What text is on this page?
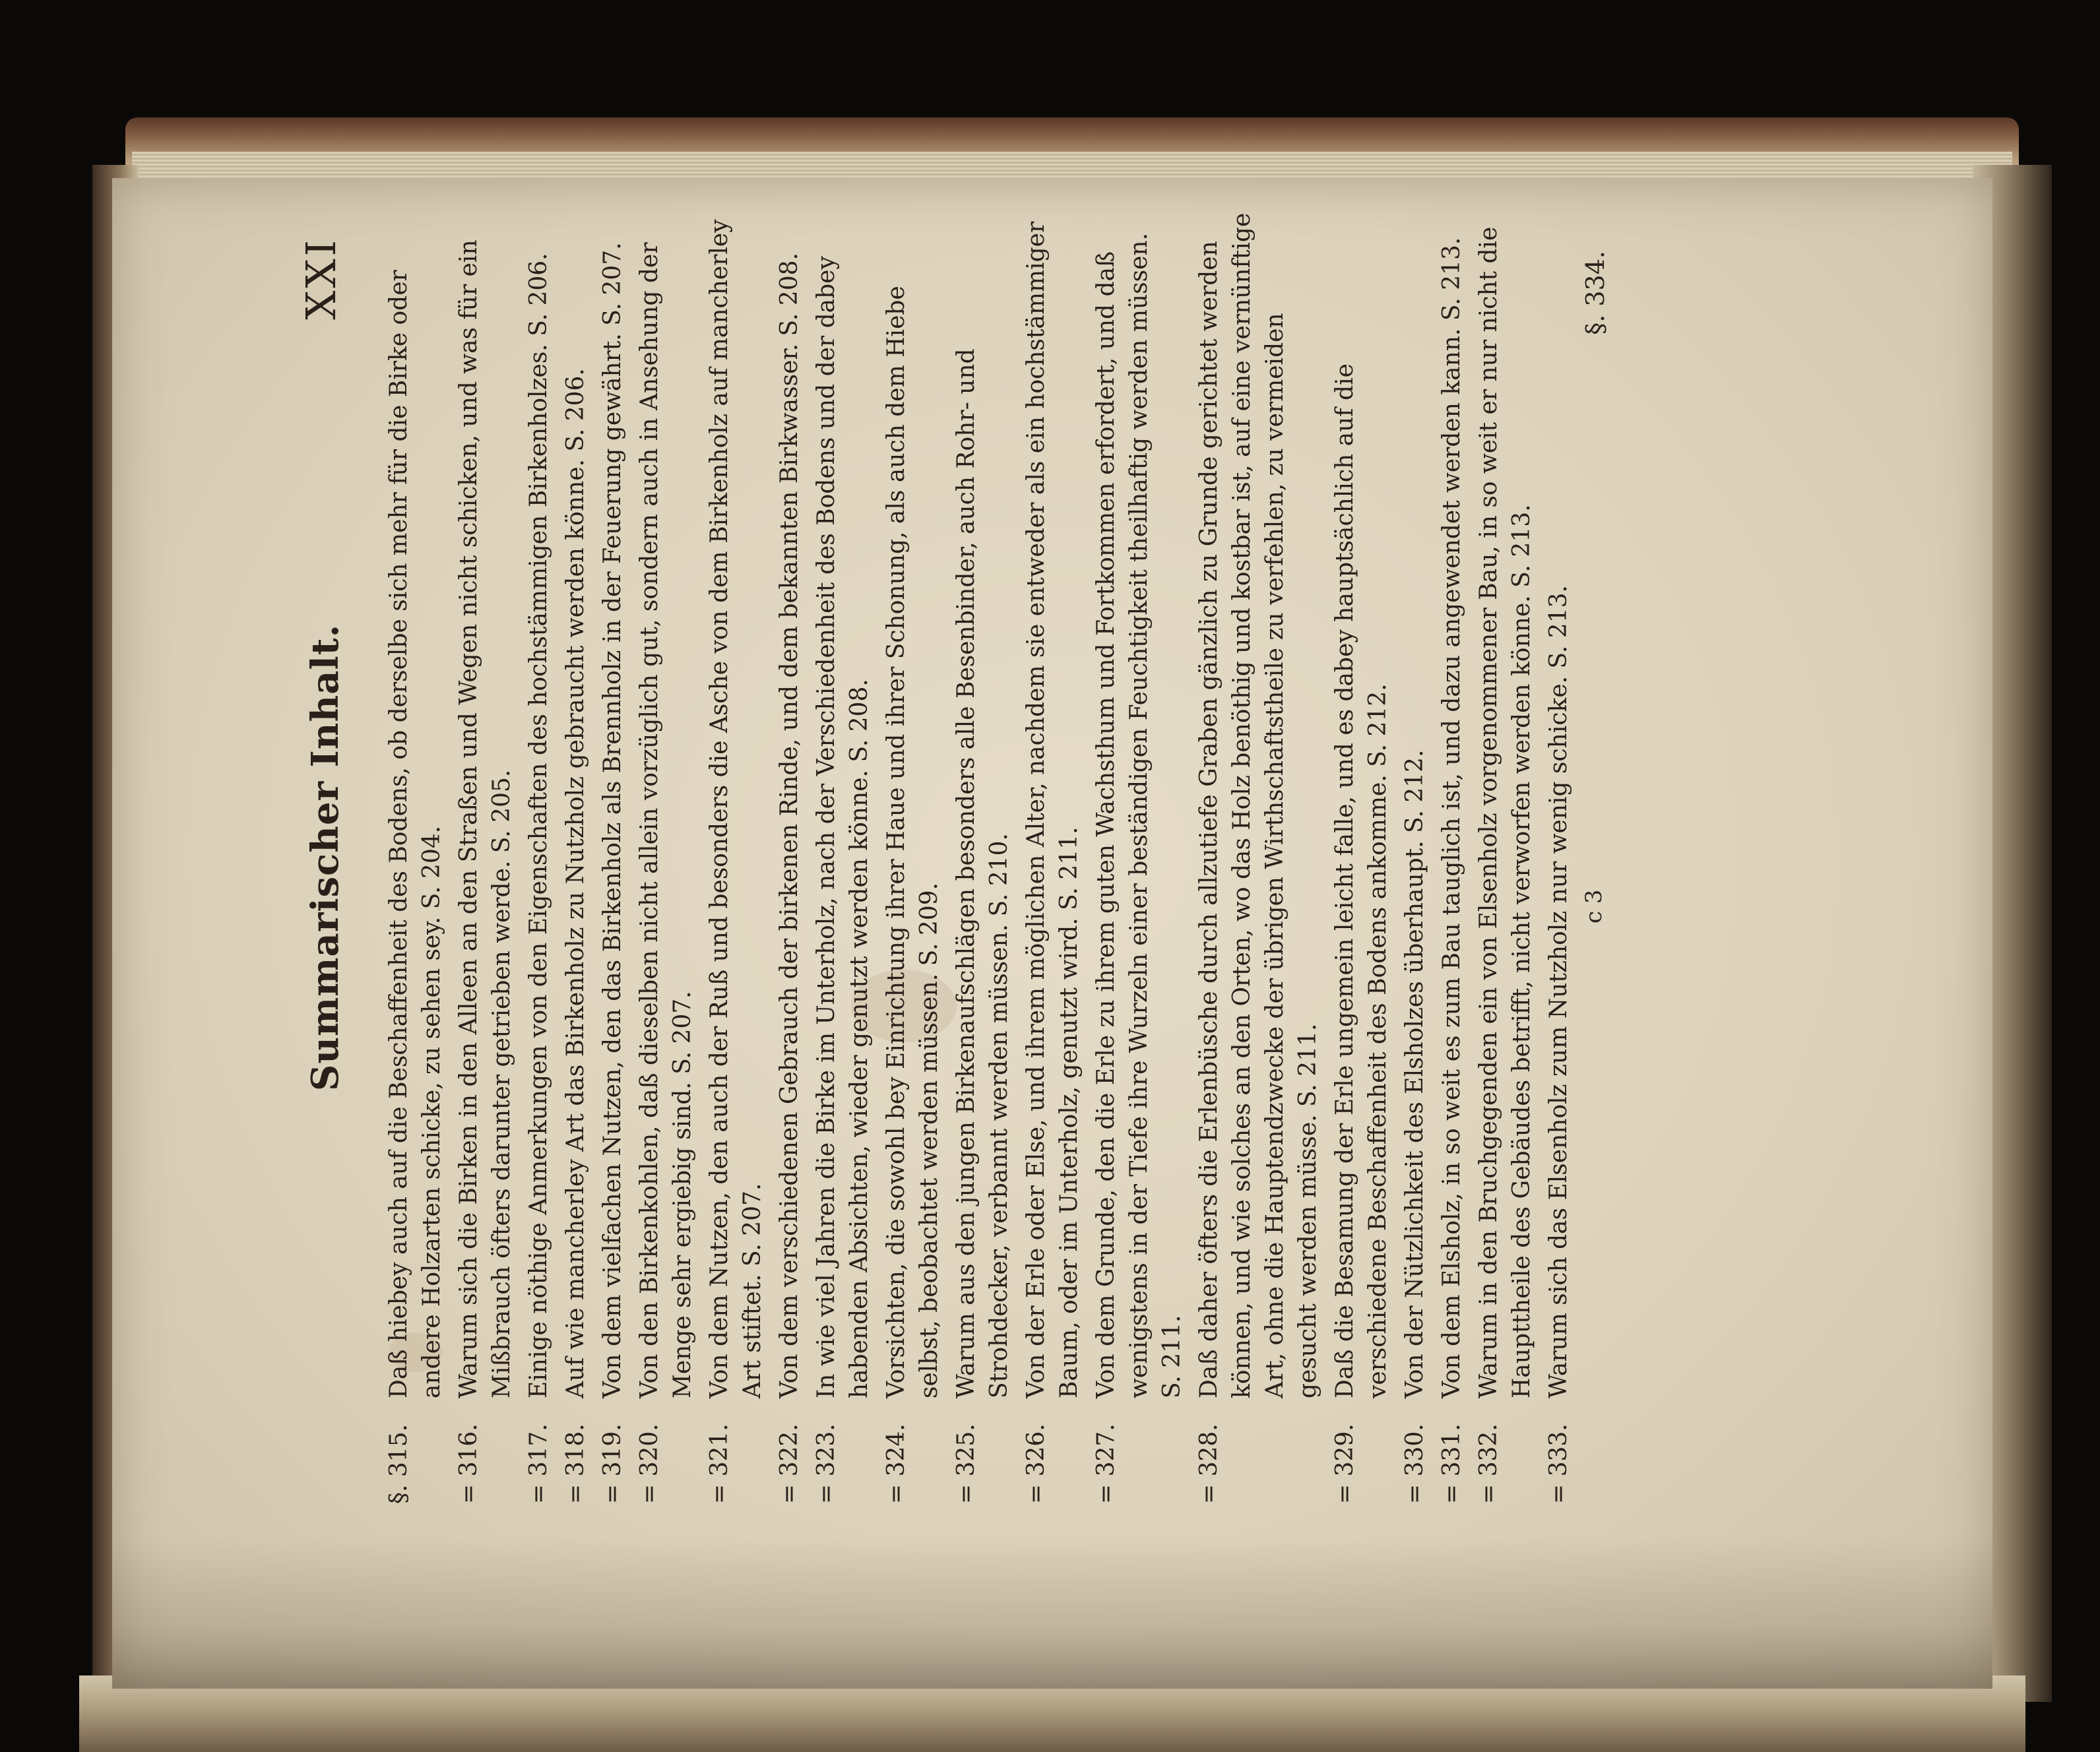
Summarischer Inhalt.
XXI
§. 315.
Daß hiebey auch auf die Beschaffenheit des Bodens, ob derselbe sich mehr für die Birke oder andere Holzarten schicke, zu sehen sey. S. 204.
= 316.
Warum sich die Birken in den Alleen an den Straßen und Wegen nicht schicken, und was für ein Mißbrauch öfters darunter getrieben werde. S. 205.
= 317.
Einige nöthige Anmerkungen von den Eigenschaften des hochstämmigen Birkenholzes. S. 206.
= 318.
Auf wie mancherley Art das Birkenholz zu Nutzholz gebraucht werden könne. S. 206.
= 319.
Von dem vielfachen Nutzen, den das Birkenholz als Brennholz in der Feuerung gewährt. S. 207.
= 320.
Von den Birkenkohlen, daß dieselben nicht allein vorzüglich gut, sondern auch in Ansehung der Menge sehr ergiebig sind. S. 207.
= 321.
Von dem Nutzen, den auch der Ruß und besonders die Asche von dem Birkenholz auf mancherley Art stiftet. S. 207.
= 322.
Von dem verschiedenen Gebrauch der birkenen Rinde, und dem bekannten Birkwasser. S. 208.
= 323.
In wie viel Jahren die Birke im Unterholz, nach der Verschiedenheit des Bodens und der dabey habenden Absichten, wieder genutzt werden könne. S. 208.
= 324.
Vorsichten, die sowohl bey Einrichtung ihrer Haue und ihrer Schonung, als auch dem Hiebe selbst, beobachtet werden müssen. S. 209.
= 325.
Warum aus den jungen Birkenaufschlägen besonders alle Besenbinder, auch Rohr- und Strohdecker, verbannt werden müssen. S. 210.
= 326.
Von der Erle oder Else, und ihrem möglichen Alter, nachdem sie entweder als ein hochstämmiger Baum, oder im Unterholz, genutzt wird. S. 211.
= 327.
Von dem Grunde, den die Erle zu ihrem guten Wachsthum und Fortkommen erfordert, und daß wenigstens in der Tiefe ihre Wurzeln einer beständigen Feuchtigkeit theilhaftig werden müssen. S. 211.
= 328.
Daß daher öfters die Erlenbüsche durch allzutiefe Graben gänzlich zu Grunde gerichtet werden können, und wie solches an den Orten, wo das Holz benöthig und kostbar ist, auf eine vernünftige Art, ohne die Hauptendzwecke der übrigen Wirthschaftstheile zu verfehlen, zu vermeiden gesucht werden müsse. S. 211.
= 329.
Daß die Besamung der Erle ungemein leicht falle, und es dabey hauptsächlich auf die verschiedene Beschaffenheit des Bodens ankomme. S. 212.
= 330.
Von der Nützlichkeit des Elsholzes überhaupt. S. 212.
= 331.
Von dem Elsholz, in so weit es zum Bau tauglich ist, und dazu angewendet werden kann. S. 213.
= 332.
Warum in den Bruchgegenden ein von Elsenholz vorgenommener Bau, in so weit er nur nicht die Haupttheile des Gebäudes betrifft, nicht verworfen werden könne. S. 213.
= 333.
Warum sich das Elsenholz zum Nutzholz nur wenig schicke. S. 213. c 3
§. 334.
